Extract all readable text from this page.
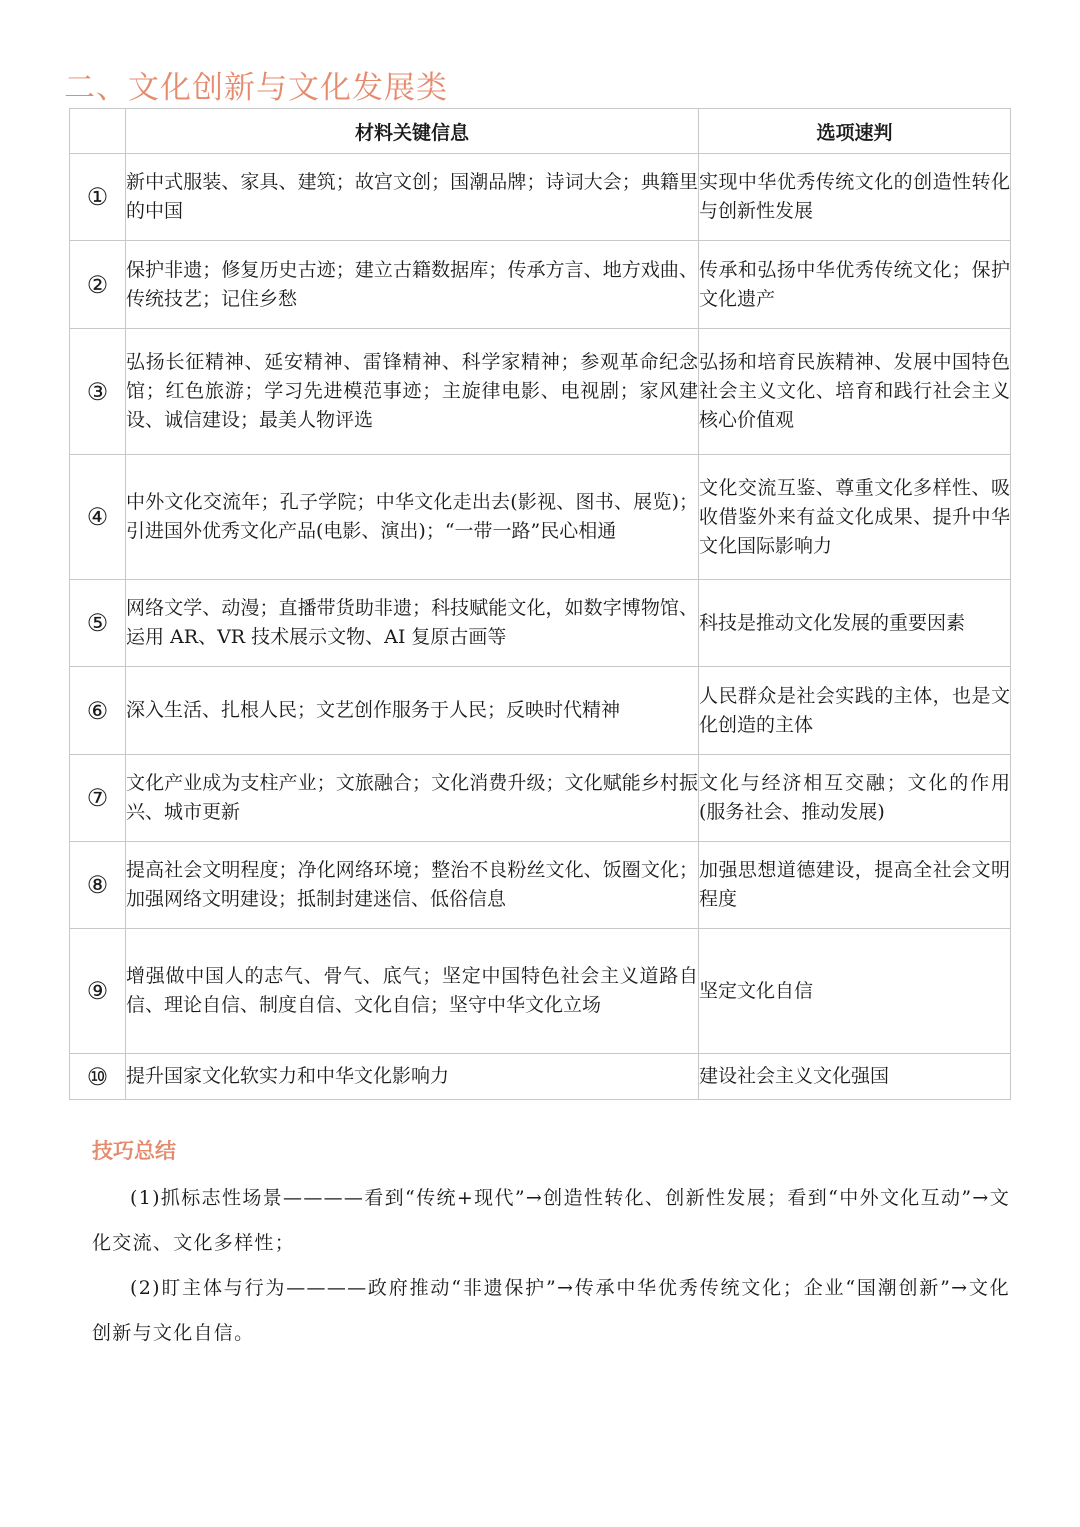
二、文化创新与文化发展类
	材料关键信息	选项速判
①	新中式服装、家具、建筑；故宫文创；国潮品牌；诗词大会；典籍里的中国	实现中华优秀传统文化的创造性转化与创新性发展
②	保护非遗；修复历史古迹；建立古籍数据库；传承方言、地方戏曲、传统技艺；记住乡愁	传承和弘扬中华优秀传统文化；保护文化遗产
③	弘扬长征精神、延安精神、雷锋精神、科学家精神；参观革命纪念馆；红色旅游；学习先进模范事迹；主旋律电影、电视剧；家风建设、诚信建设；最美人物评选	弘扬和培育民族精神、发展中国特色社会主义文化、培育和践行社会主义核心价值观
④	中外文化交流年；孔子学院；中华文化走出去(影视、图书、展览)；引进国外优秀文化产品(电影、演出)；“一带一路”民心相通	文化交流互鉴、尊重文化多样性、吸收借鉴外来有益文化成果、提升中华文化国际影响力
⑤	网络文学、动漫；直播带货助非遗；科技赋能文化，如数字博物馆、运用 AR、VR 技术展示文物、AI 复原古画等	科技是推动文化发展的重要因素
⑥	深入生活、扎根人民；文艺创作服务于人民；反映时代精神	人民群众是社会实践的主体，也是文化创造的主体
⑦	文化产业成为支柱产业；文旅融合；文化消费升级；文化赋能乡村振兴、城市更新	文化与经济相互交融；文化的作用(服务社会、推动发展)
⑧	提高社会文明程度；净化网络环境；整治不良粉丝文化、饭圈文化；加强网络文明建设；抵制封建迷信、低俗信息	加强思想道德建设，提高全社会文明程度
⑨	增强做中国人的志气、骨气、底气；坚定中国特色社会主义道路自信、理论自信、制度自信、文化自信；坚守中华文化立场	坚定文化自信
⑩	提升国家文化软实力和中华文化影响力	建设社会主义文化强国
技巧总结

(1)抓标志性场景————看到“传统+现代”→创造性转化、创新性发展；看到“中外文化互动”→文化交流、文化多样性；

(2)盯主体与行为————政府推动“非遗保护”→传承中华优秀传统文化；企业“国潮创新”→文化创新与文化自信。
